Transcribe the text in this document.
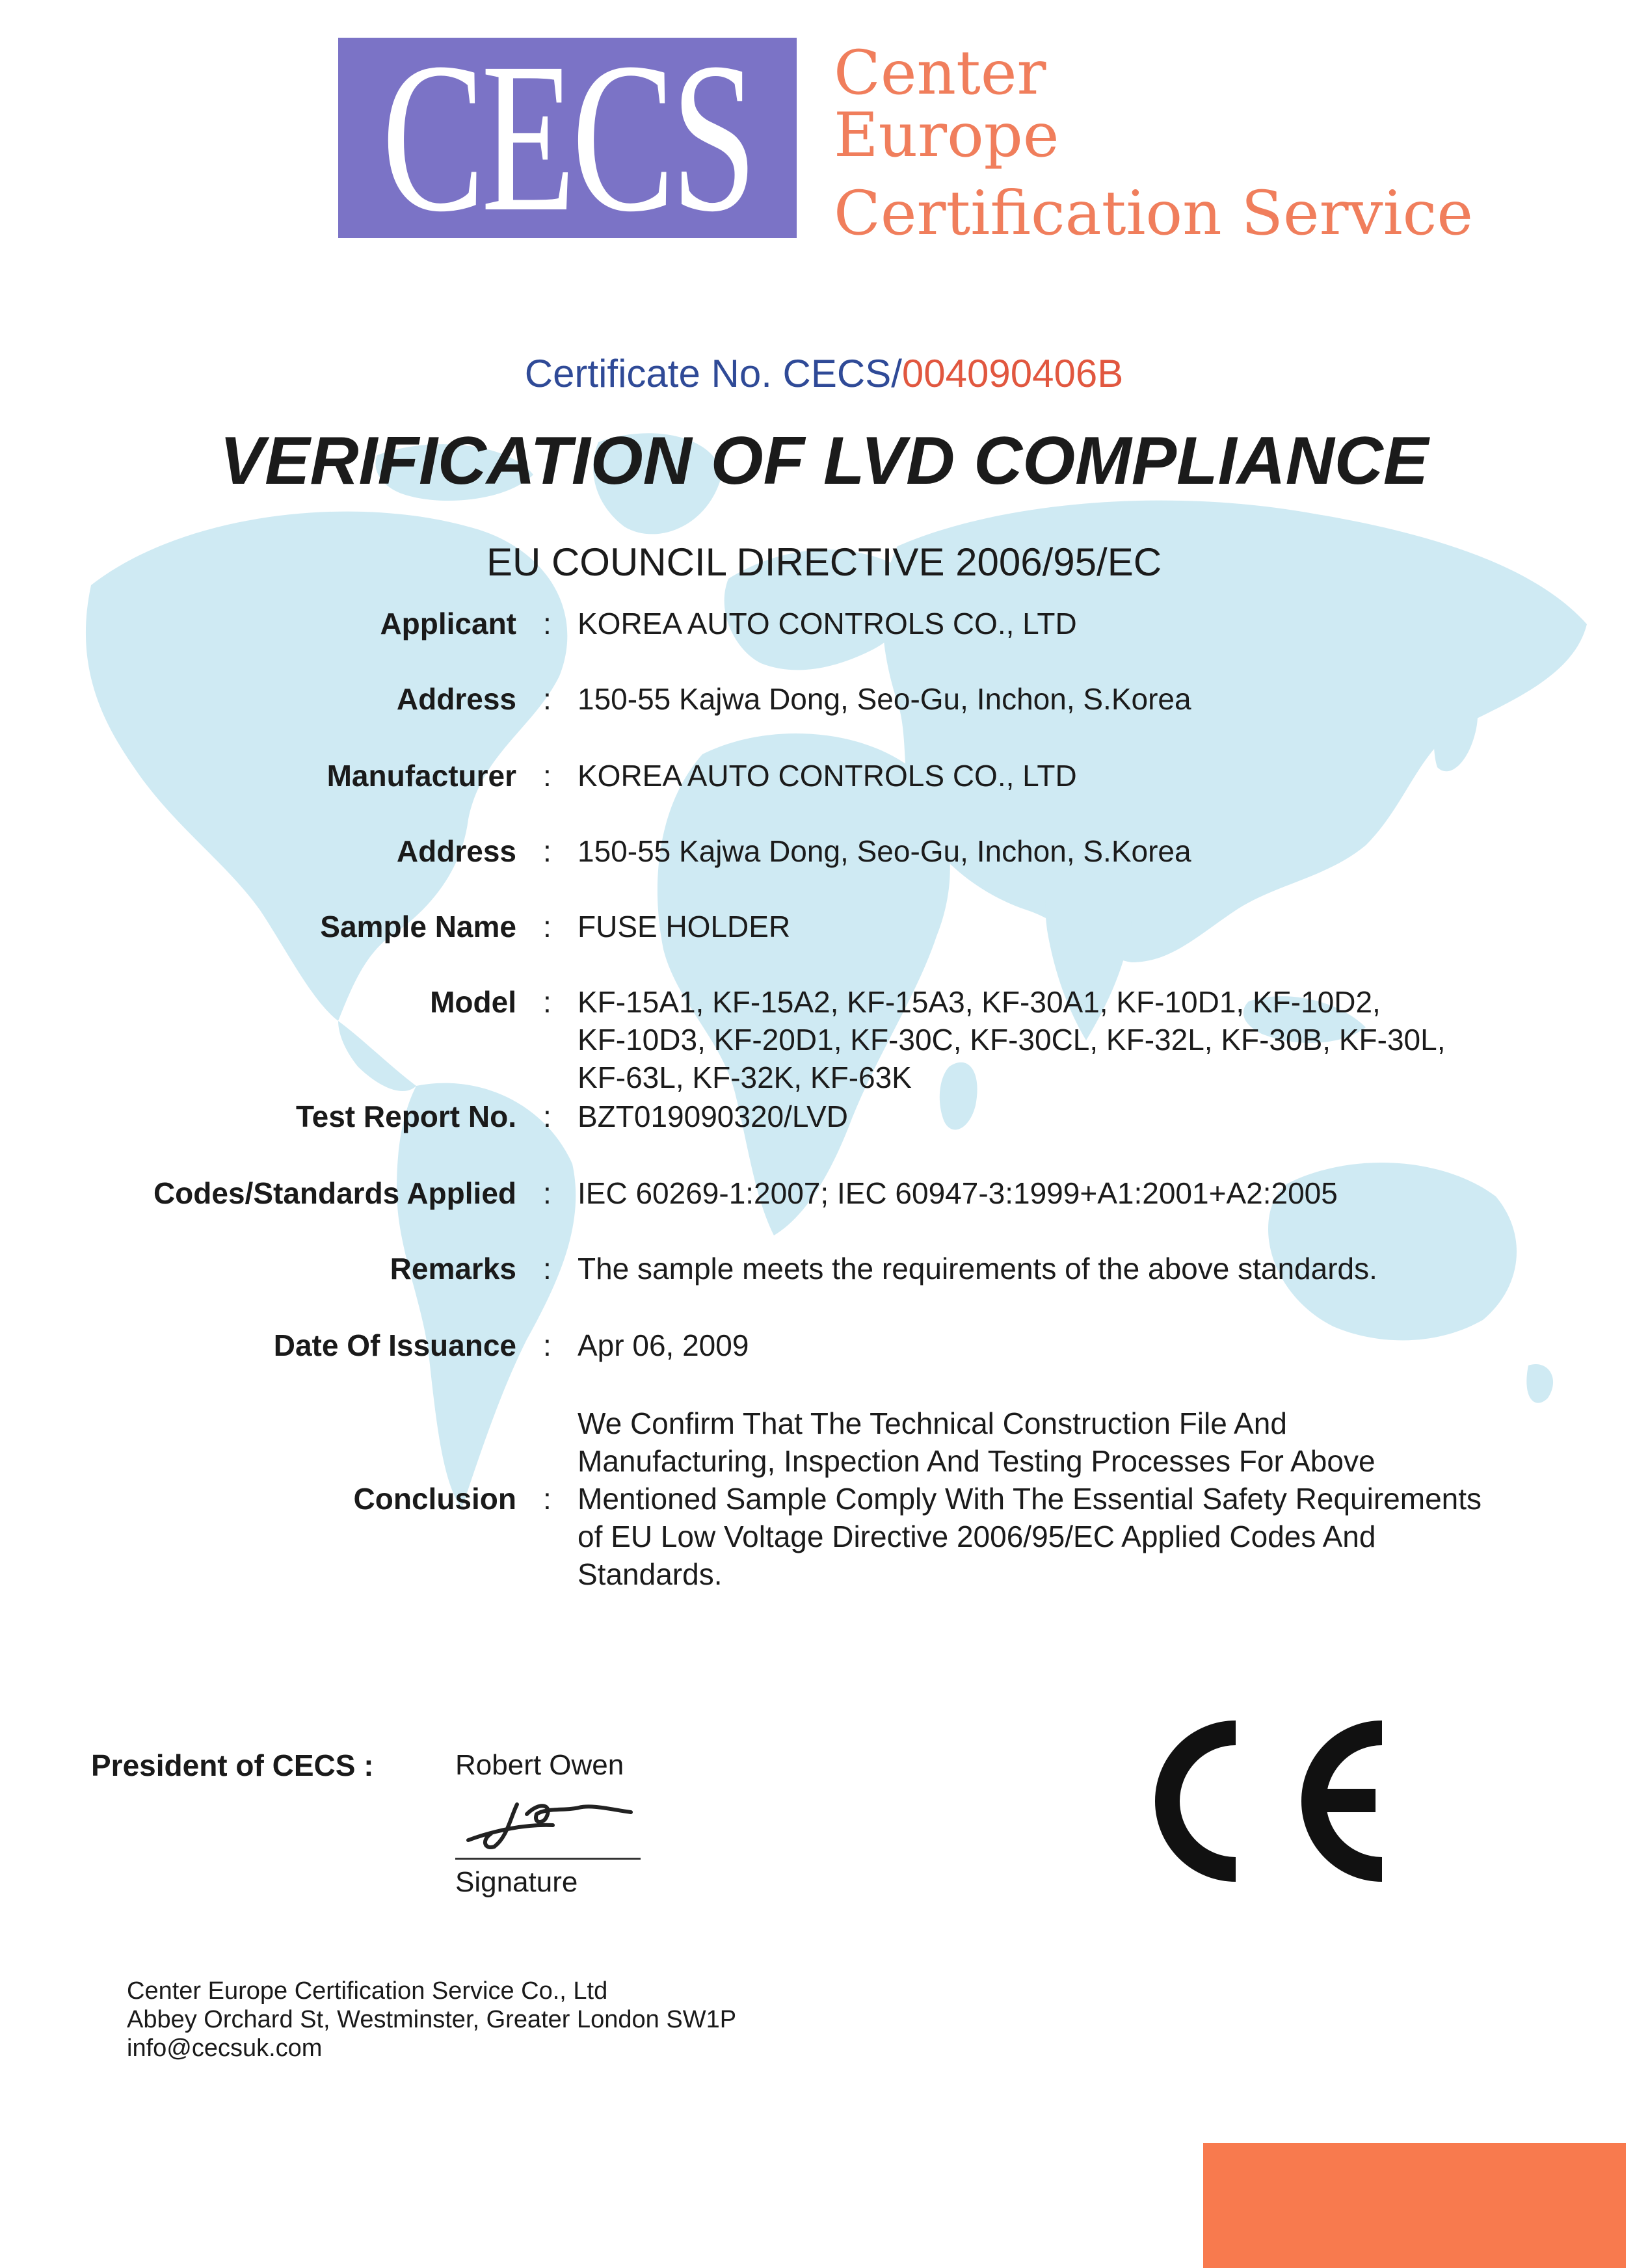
CECS Center
Europe
Certification Service
Certificate No. CECS/004090406B
VERIFICATION OF LVD COMPLIANCE
EU COUNCIL DIRECTIVE 2006/95/EC
Applicant : KOREA AUTO CONTROLS CO., LTD
Address : 150-55 Kajwa Dong, Seo-Gu, Inchon, S.Korea
Manufacturer : KOREA AUTO CONTROLS CO., LTD
Address : 150-55 Kajwa Dong, Seo-Gu, Inchon, S.Korea
Sample Name : FUSE HOLDER
Model : KF-15A1, KF-15A2, KF-15A3, KF-30A1, KF-10D1, KF-10D2,
KF-10D3, KF-20D1, KF-30C, KF-30CL, KF-32L, KF-30B, KF-30L,
KF-63L, KF-32K, KF-63K
Test Report No. : BZT019090320/LVD
Codes/Standards Applied : IEC 60269-1:2007; IEC 60947-3:1999+A1:2001+A2:2005
Remarks : The sample meets the requirements of the above standards.
Date Of Issuance : Apr 06, 2009
Conclusion :
We Confirm That The Technical Construction File And
Manufacturing, Inspection And Testing Processes For Above
Mentioned Sample Comply With The Essential Safety Requirements
of EU Low Voltage Directive 2006/95/EC Applied Codes And
Standards.
President of CECS :	Robert Owen
Signature
Center Europe Certification Service Co., Ltd
Abbey Orchard St, Westminster, Greater London SW1P
info@cecsuk.com
